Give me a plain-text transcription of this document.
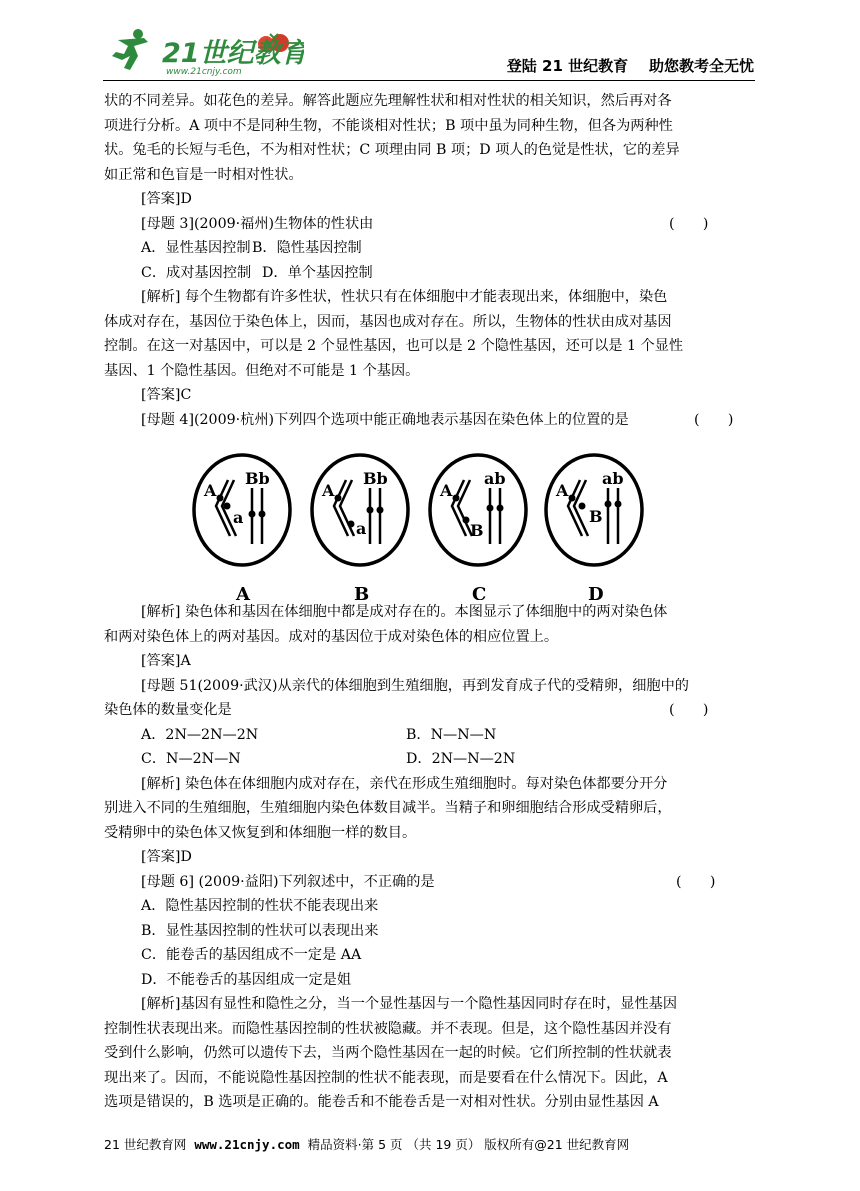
21世纪教育
www.21cnjy.com	登陆 21 世纪教育    助您教考全无忧
状的不同差异。如花色的差异。解答此题应先理解性状和相对性状的相关知识，然后再对各
项进行分析。A 项中不是同种生物，不能谈相对性状；B 项中虽为同种生物，但各为两种性
状。兔毛的长短与毛色，不为相对性状；C 项理由同 B 项；D 项人的色觉是性状，它的差异
如正常和色盲是一时相对性状。
[答案]D
[母题 3](2009·福州)生物体的性状由	(　　)
A．显性基因控制 B．隐性基因控制
C．成对基因控制 D．单个基因控制
[解析] 每个生物都有许多性状，性状只有在体细胞中才能表现出来，体细胞中，染色
体成对存在，基因位于染色体上，因而，基因也成对存在。所以，生物体的性状由成对基因
控制。在这一对基因中，可以是 2 个显性基因，也可以是 2 个隐性基因，还可以是 1 个显性
基因、1 个隐性基因。但绝对不可能是 1 个基因。
[答案]C
[母题 4](2009·杭州)下列四个选项中能正确地表示基因在染色体上的位置的是	(　　)
A
Bb
a
A
A
Bb
a
B
A
ab
B
C
A
ab
B
D
[解析] 染色体和基因在体细胞中都是成对存在的。本图显示了体细胞中的两对染色体
和两对染色体上的两对基因。成对的基因位于成对染色体的相应位置上。
[答案]A
[母题 51(2009·武汉)从亲代的体细胞到生殖细胞，再到发育成子代的受精卵，细胞中的
染色体的数量变化是	(　　)
A．2N—2N—2N	B．N—N—N
C．N—2N—N	D．2N—N—2N
[解析] 染色体在体细胞内成对存在，亲代在形成生殖细胞时。每对染色体都要分开分
别进入不同的生殖细胞，生殖细胞内染色体数目减半。当精子和卵细胞结合形成受精卵后，
受精卵中的染色体又恢复到和体细胞一样的数目。
[答案]D
[母题 6] (2009·益阳)下列叙述中，不正确的是	(　　)
A．隐性基因控制的性状不能表现出来
B．显性基因控制的性状可以表现出来
C．能卷舌的基因组成不一定是 AA
D．不能卷舌的基因组成一定是姐
[解析]基因有显性和隐性之分，当一个显性基因与一个隐性基因同时存在时，显性基因
控制性状表现出来。而隐性基因控制的性状被隐藏。并不表现。但是，这个隐性基因并没有
受到什么影响，仍然可以遗传下去，当两个隐性基因在一起的时候。它们所控制的性状就表
现出来了。因而，不能说隐性基因控制的性状不能表现，而是要看在什么情况下。因此，A
选项是错误的，B 选项是正确的。能卷舌和不能卷舌是一对相对性状。分别由显性基因 A
21 世纪教育网  www.21cnjy.com  精品资料·第 5 页 （共 19 页） 版权所有@21 世纪教育网
